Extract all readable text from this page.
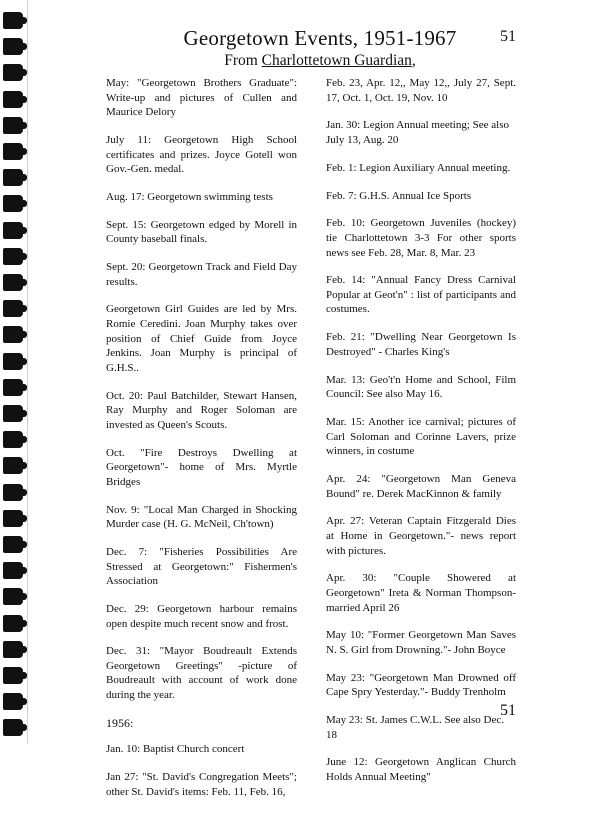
Georgetown Events, 1951-1967
From Charlottetown Guardian,
51

May: "Georgetown Brothers Graduate": Write-up and pictures of Cullen and Maurice Delory

July 11: Georgetown High School certificates and prizes. Joyce Gotell won Gov.-Gen. medal.

Aug. 17: Georgetown swimming tests

Sept. 15: Georgetown edged by Morell in County baseball finals.

Sept. 20: Georgetown Track and Field Day results.

Georgetown Girl Guides are led by Mrs. Romie Ceredini. Joan Murphy takes over position of Chief Guide from Joyce Jenkins. Joan Murphy is principal of G.H.S..

Oct. 20: Paul Batchilder, Stewart Hansen, Ray Murphy and Roger Soloman are invested as Queen's Scouts.

Oct. "Fire Destroys Dwelling at Georgetown"- home of Mrs. Myrtle Bridges

Nov. 9: "Local Man Charged in Shocking Murder case (H. G. McNeil, Ch'town)

Dec. 7: "Fisheries Possibilities Are Stressed at Georgetown:" Fishermen's Association

Dec. 29: Georgetown harbour remains open despite much recent snow and frost.

Dec. 31: "Mayor Boudreault Extends Georgetown Greetings" -picture of Boudreault with account of work done during the year.

1956:

Jan. 10: Baptist Church concert

Jan 27: "St. David's Congregation Meets"; other St. David's items: Feb. 11, Feb. 16,

Feb. 23, Apr. 12,, May 12,, July 27, Sept. 17, Oct. 1, Oct. 19, Nov. 10

Jan. 30: Legion Annual meeting; See also July 13, Aug. 20

Feb. 1: Legion Auxiliary Annual meeting.

Feb. 7: G.H.S. Annual Ice Sports

Feb. 10: Georgetown Juveniles (hockey) tie Charlottetown 3-3 For other sports news see Feb. 28, Mar. 8, Mar. 23

Feb. 14: "Annual Fancy Dress Carnival Popular at Geot'n" : list of participants and costumes.

Feb. 21: "Dwelling Near Georgetown Is Destroyed" - Charles King's

Mar. 13: Geo't'n Home and School, Film Council: See also May 16.

Mar. 15: Another ice carnival; pictures of Carl Soloman and Corinne Lavers, prize winners, in costume

Apr. 24: "Georgetown Man Geneva Bound" re. Derek MacKinnon & family

Apr. 27: Veteran Captain Fitzgerald Dies at Home in Georgetown."- news report with pictures.

Apr. 30: "Couple Showered at Georgetown" Ireta & Norman Thompson- married April 26

May 10: "Former Georgetown Man Saves N. S. Girl from Drowning."- John Boyce

May 23: "Georgetown Man Drowned off Cape Spry Yesterday."- Buddy Trenholm

May 23: St. James C.W.L. See also Dec. 18

June 12: Georgetown Anglican Church Holds Annual Meeting"

51
